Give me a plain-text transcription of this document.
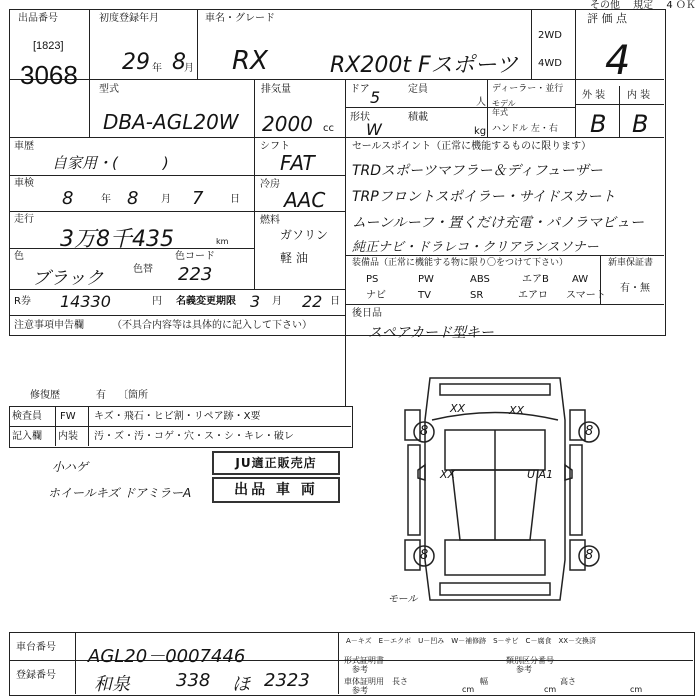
その他　 規定　 4 ＯＫ
出品番号
[1823]
3068
初度登録年月
29 年 8
月
車名・グレード
RX	RX200t Fスポーツ
2WD
4WD
評 価 点
4
型式
DBA-AGL20W
排気量
2000 cc
ドア 5	定員
人
形状
W
積載
kg
ディーラー・並行
モデル
年式
ハンドル 左・右
外 装 内 装
B B
車歴
自家用・(　　　)
車検
8	年 8 月 7	日
走行
3万8千435	km
色
ブラック	色替
色コード
223
R券 14330	円 名義変更期限 3 月 22 日
シフト
FAT
冷房
AAC
燃料
ガソリン
軽 油
セールスポイント（正常に機能するものに限ります）
TRDスポーツマフラー＆ディフューザー
TRPフロントスポイラー・サイドスカート
ムーンルーフ・置くだけ充電・パノラマビュー
純正ナビ・ドラレコ・クリアランスソナー
装備品（正常に機能する物に限り〇をつけて下さい）	新車保証書
PS	PW	ABS	エアB AW
ナビ	TV	SR	エアロ スマート
有・無
注意事項申告欄	（不具合内容等は具体的に記入して下さい）
修復歴	有 〔箇所
後日品
スペアカード型キー
検査員
記入欄
FW キズ・飛石・ヒビ割・リペア跡・X要
内装 汚・ズ・汚・コゲ・穴・ス・シ・キレ・破レ
小ハゲ
ホイールキズ ドアミラーA
JU適正販売店
出品 車 両
XX
XX
XX	U A1
8	8
8	8
モール
A－キズ　E－エクボ　U－凹み　W－補修跡　S－サビ　C－腐食　XX－交換済
車台番号 AGL20－0007446
登録番号 和泉	338 ほ 2323
形式証明書
参考
車体証明用
参考
長さ
cm
幅
cm
高さ
cm
類別区分番号
参考
